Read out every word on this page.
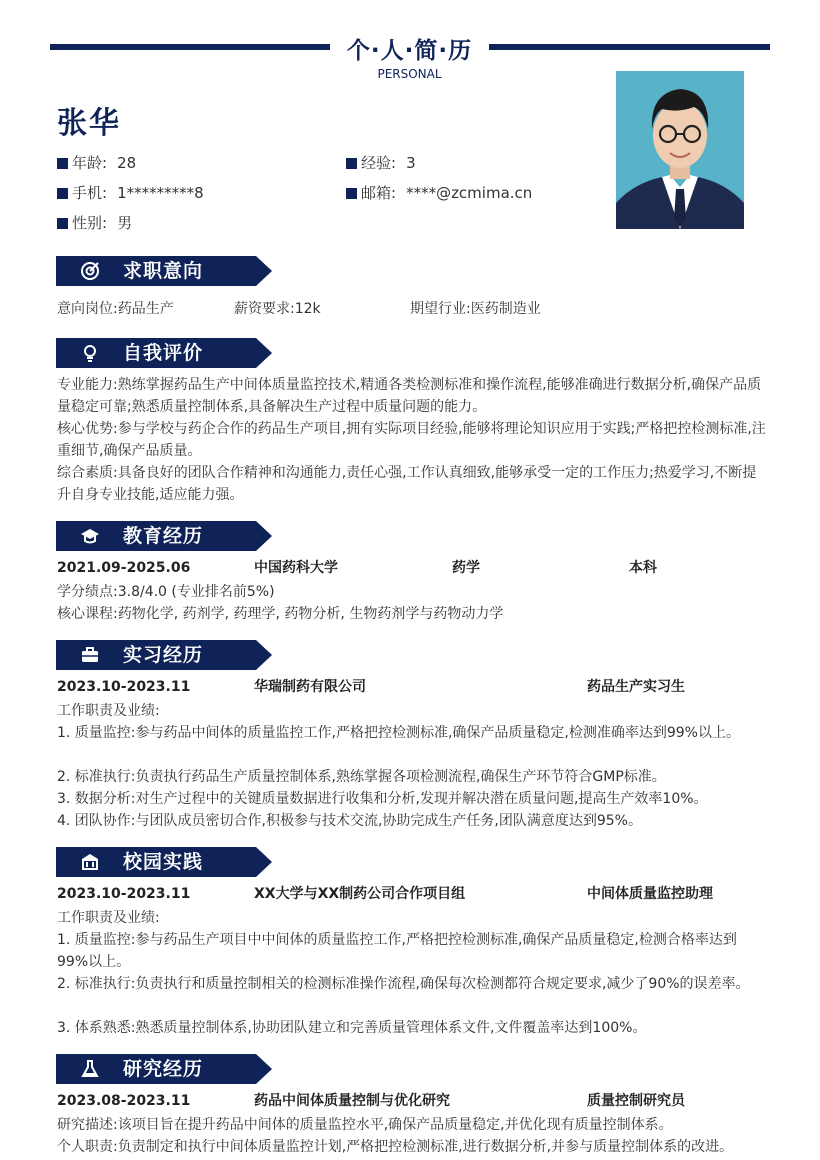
个·人·简·历
PERSONAL
张华
年龄: 28	经验: 3
手机: 1*********8	邮箱: ****@zcmima.cn
性别: 男
求职意向
意向岗位:药品生产	薪资要求:12k	期望行业:医药制造业
自我评价
专业能力:熟练掌握药品生产中间体质量监控技术,精通各类检测标准和操作流程,能够准确进行数据分析,确保产品质量稳定可靠;熟悉质量控制体系,具备解决生产过程中质量问题的能力。
核心优势:参与学校与药企合作的药品生产项目,拥有实际项目经验,能够将理论知识应用于实践;严格把控检测标准,注重细节,确保产品质量。
综合素质:具备良好的团队合作精神和沟通能力,责任心强,工作认真细致,能够承受一定的工作压力;热爱学习,不断提升自身专业技能,适应能力强。
教育经历
2021.09-2025.06	中国药科大学	药学	本科
学分绩点:3.8/4.0 (专业排名前5%)
核心课程:药物化学, 药剂学, 药理学, 药物分析, 生物药剂学与药物动力学
实习经历
2023.10-2023.11	华瑞制药有限公司	药品生产实习生
工作职责及业绩:
1. 质量监控:参与药品中间体的质量监控工作,严格把控检测标准,确保产品质量稳定,检测准确率达到99%以上。
2. 标准执行:负责执行药品生产质量控制体系,熟练掌握各项检测流程,确保生产环节符合GMP标准。
3. 数据分析:对生产过程中的关键质量数据进行收集和分析,发现并解决潜在质量问题,提高生产效率10%。
4. 团队协作:与团队成员密切合作,积极参与技术交流,协助完成生产任务,团队满意度达到95%。
校园实践
2023.10-2023.11	XX大学与XX制药公司合作项目组	中间体质量监控助理
工作职责及业绩:
1. 质量监控:参与药品生产项目中中间体的质量监控工作,严格把控检测标准,确保产品质量稳定,检测合格率达到99%以上。
2. 标准执行:负责执行和质量控制相关的检测标准操作流程,确保每次检测都符合规定要求,减少了90%的误差率。
3. 体系熟悉:熟悉质量控制体系,协助团队建立和完善质量管理体系文件,文件覆盖率达到100%。
研究经历
2023.08-2023.11	药品中间体质量控制与优化研究	质量控制研究员
研究描述:该项目旨在提升药品中间体的质量监控水平,确保产品质量稳定,并优化现有质量控制体系。
个人职责:负责制定和执行中间体质量监控计划,严格把控检测标准,进行数据分析,并参与质量控制体系的改进。
